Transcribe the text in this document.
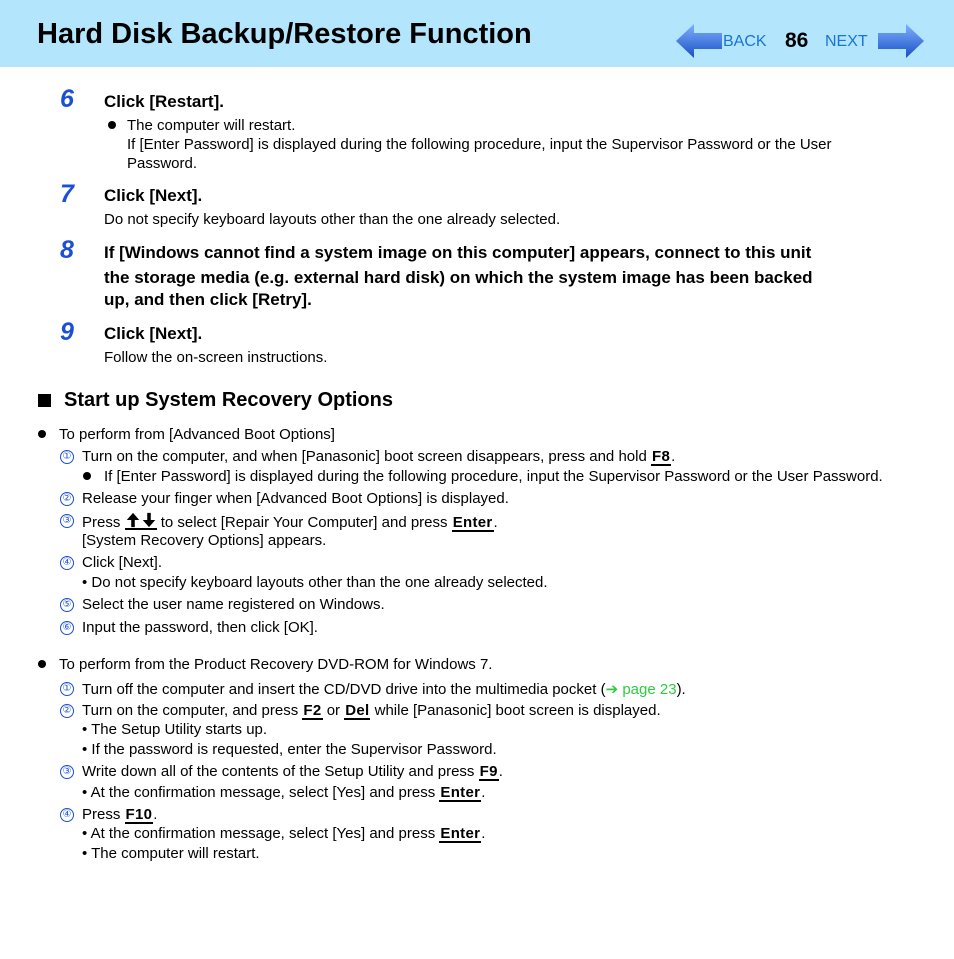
Hard Disk Backup/Restore Function	BACK 86 NEXT
6 Click [Restart].
The computer will restart.
If [Enter Password] is displayed during the following procedure, input the Supervisor Password or the User
Password.
7 Click [Next].
Do not specify keyboard layouts other than the one already selected.
8 If [Windows cannot find a system image on this computer] appears, connect to this unit
the storage media (e.g. external hard disk) on which the system image has been backed
up, and then click [Retry].
9 Click [Next].
Follow the on-screen instructions.
Start up System Recovery Options
To perform from [Advanced Boot Options]
① Turn on the computer, and when [Panasonic] boot screen disappears, press and hold F8.
If [Enter Password] is displayed during the following procedure, input the Supervisor Password or the User Password.
② Release your finger when [Advanced Boot Options] is displayed.
③ Press	to select [Repair Your Computer] and press Enter.
[System Recovery Options] appears.
④ Click [Next].
• Do not specify keyboard layouts other than the one already selected.
⑤ Select the user name registered on Windows.
⑥ Input the password, then click [OK].
To perform from the Product Recovery DVD-ROM for Windows 7.
① Turn off the computer and insert the CD/DVD drive into the multimedia pocket (➔ page 23).
② Turn on the computer, and press F2 or Del while [Panasonic] boot screen is displayed.
• The Setup Utility starts up.
• If the password is requested, enter the Supervisor Password.
③ Write down all of the contents of the Setup Utility and press F9.
• At the confirmation message, select [Yes] and press Enter.
④ Press F10.
• At the confirmation message, select [Yes] and press Enter.
• The computer will restart.
